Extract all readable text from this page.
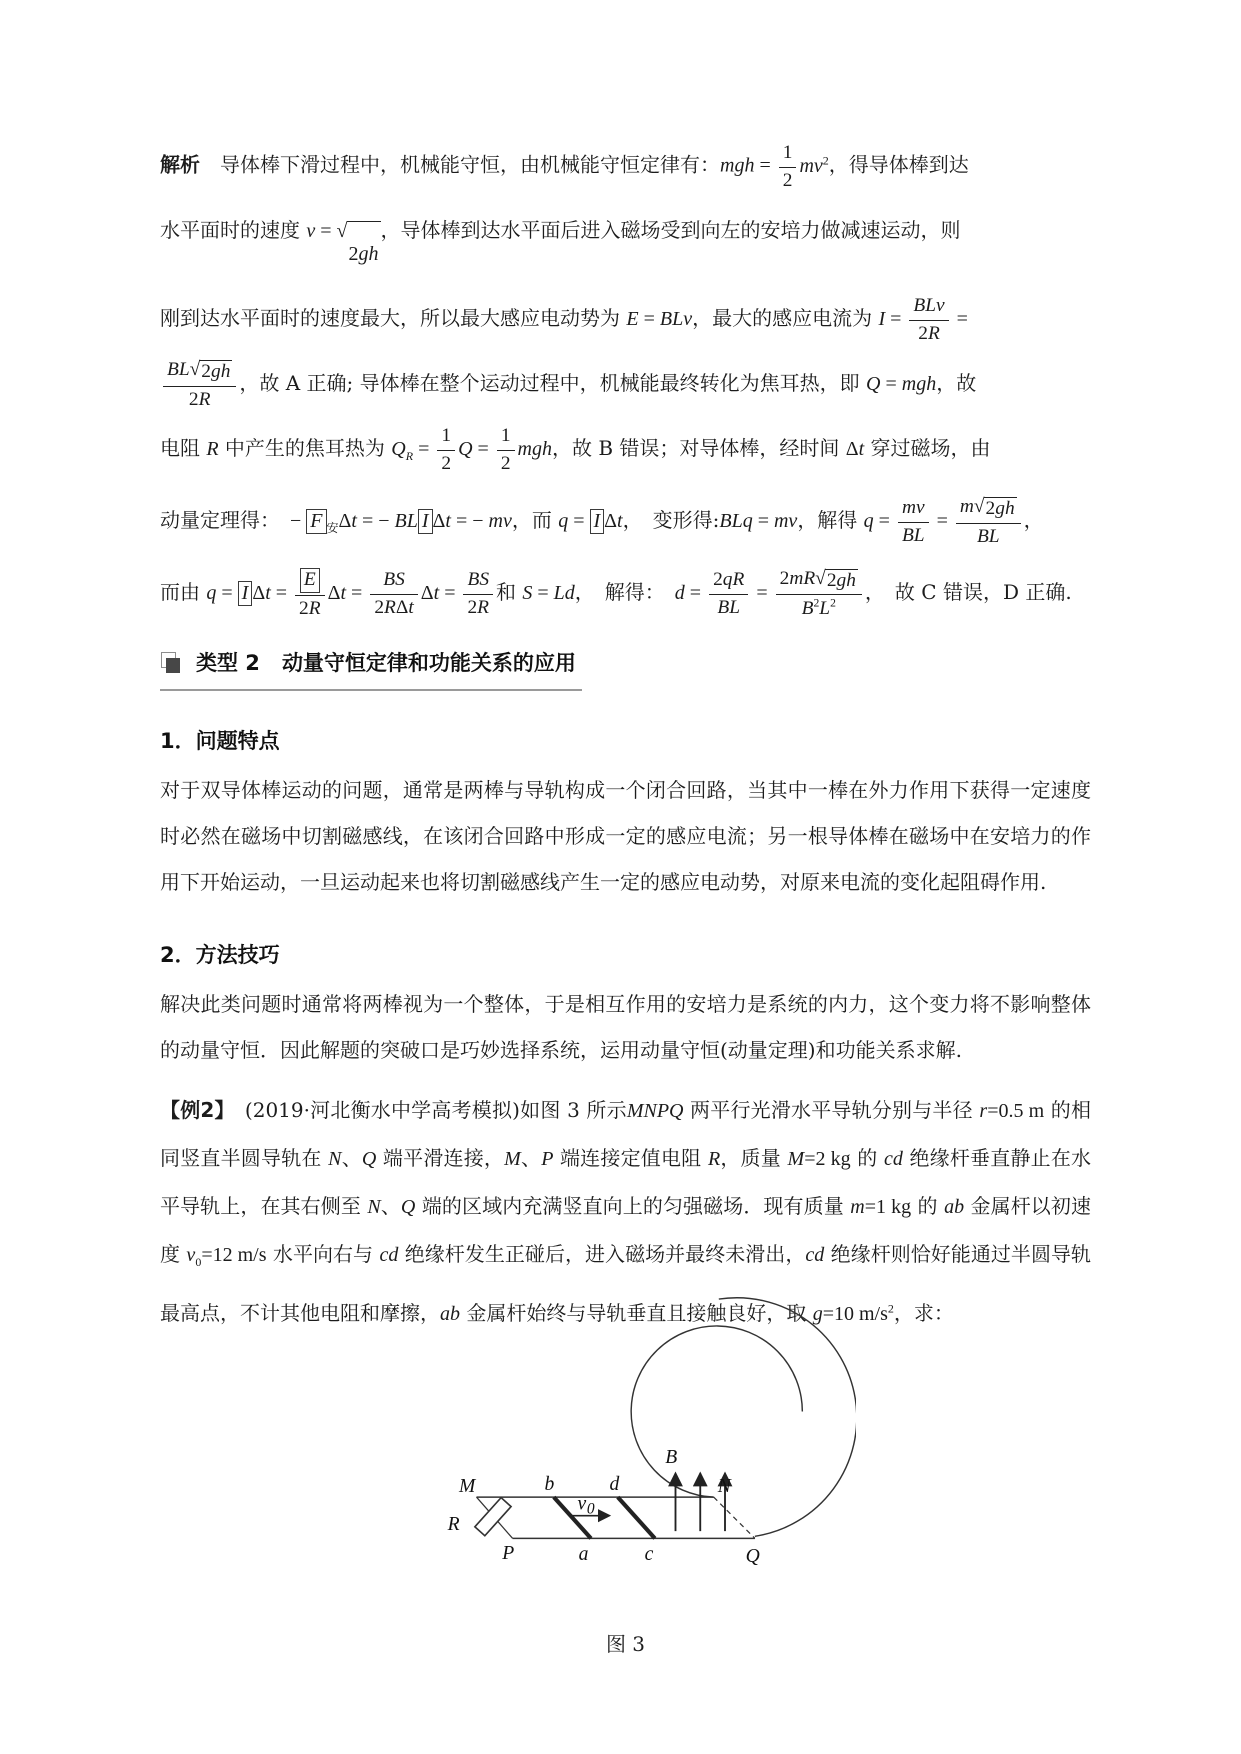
解析　导体棒下滑过程中，机械能守恒，由机械能守恒定律有：mgh = $\frac{1}{2} mv^2$，得导体棒到达
水平面时的速度 v = √
2gh
，导体棒到达水平面后进入磁场受到向左的安培力做减速运动，则
刚到达水平面时的速度最大，所以最大感应电动势为 E = BLv，最大的感应电流为 $I = \frac{\text{BLv}}{2R}$ =
$\frac{BL √ 2gh}{2R}$ ，故 A 正确; 导体棒在整个运动过程中，机械能最终转化为焦耳热，即 Q = mgh，故
电阻 R 中产生的焦耳热为 $Q_R = \frac{1}{2}$ $Q = \frac{1}{2}$ mgh，故 B 错误；对导体棒，经时间 Δt 穿过磁场，由
动量定理得：　− F $_安$Δt = − BL I Δt = − mv，而 q = I Δt，　变形得:BLq = mv，解得 $q = \frac{mv}{BL} = \frac{m √ 2gh}{BL}$ ，
而由 q = I $\Delta t = \frac{E}{2R}$ $\Delta t = \frac{BS}{\text{2RΔt}}$ $\Delta t = \frac{BS}{2R}$ 和 S = Ld，　解得：　$d = \frac{2qR}{BL} = \frac{2mR √ 2gh}{B^2L^2}$ ，　故 C 错误，D 正确.
类型 2 动量守恒定律和功能关系的应用
1．问题特点
对于双导体棒运动的问题，通常是两棒与导轨构成一个闭合回路，当其中一棒在外力作用下获得一定速度时必然在磁场中切割磁感线，在该闭合回路中形成一定的感应电流；另一根导体棒在磁场中在安培力的作用下开始运动，一旦运动起来也将切割磁感线产生一定的感应电动势，对原来电流的变化起阻碍作用.
2．方法技巧
解决此类问题时通常将两棒视为一个整体，于是相互作用的安培力是系统的内力，这个变力将不影响整体的动量守恒．因此解题的突破口是巧妙选择系统，运用动量守恒(动量定理)和功能关系求解.
【例2】　(2019·河北衡水中学高考模拟)如图 3 所示MNPQ 两平行光滑水平导轨分别与半径 r=0.5 m 的相同竖直半圆导轨在 N、Q 端平滑连接，M、P 端连接定值电阻 R，质量 M=2 kg 的 cd 绝缘杆垂直静止在水平导轨上，在其右侧至 N、Q 端的区域内充满竖直向上的匀强磁场．现有质量 m=1 kg 的 ab 金属杆以初速度 $v_0=12$ m/s 水平向右与 cd 绝缘杆发生正碰后，进入磁场并最终未滑出，cd 绝缘杆则恰好能通过半圆导轨最高点，不计其他电阻和摩擦，ab 金属杆始终与导轨垂直且接触良好，取 g=10 $m/s^2$，求：
M	N
P	Q
R
b
a
d
c
B
v 0
图 3
